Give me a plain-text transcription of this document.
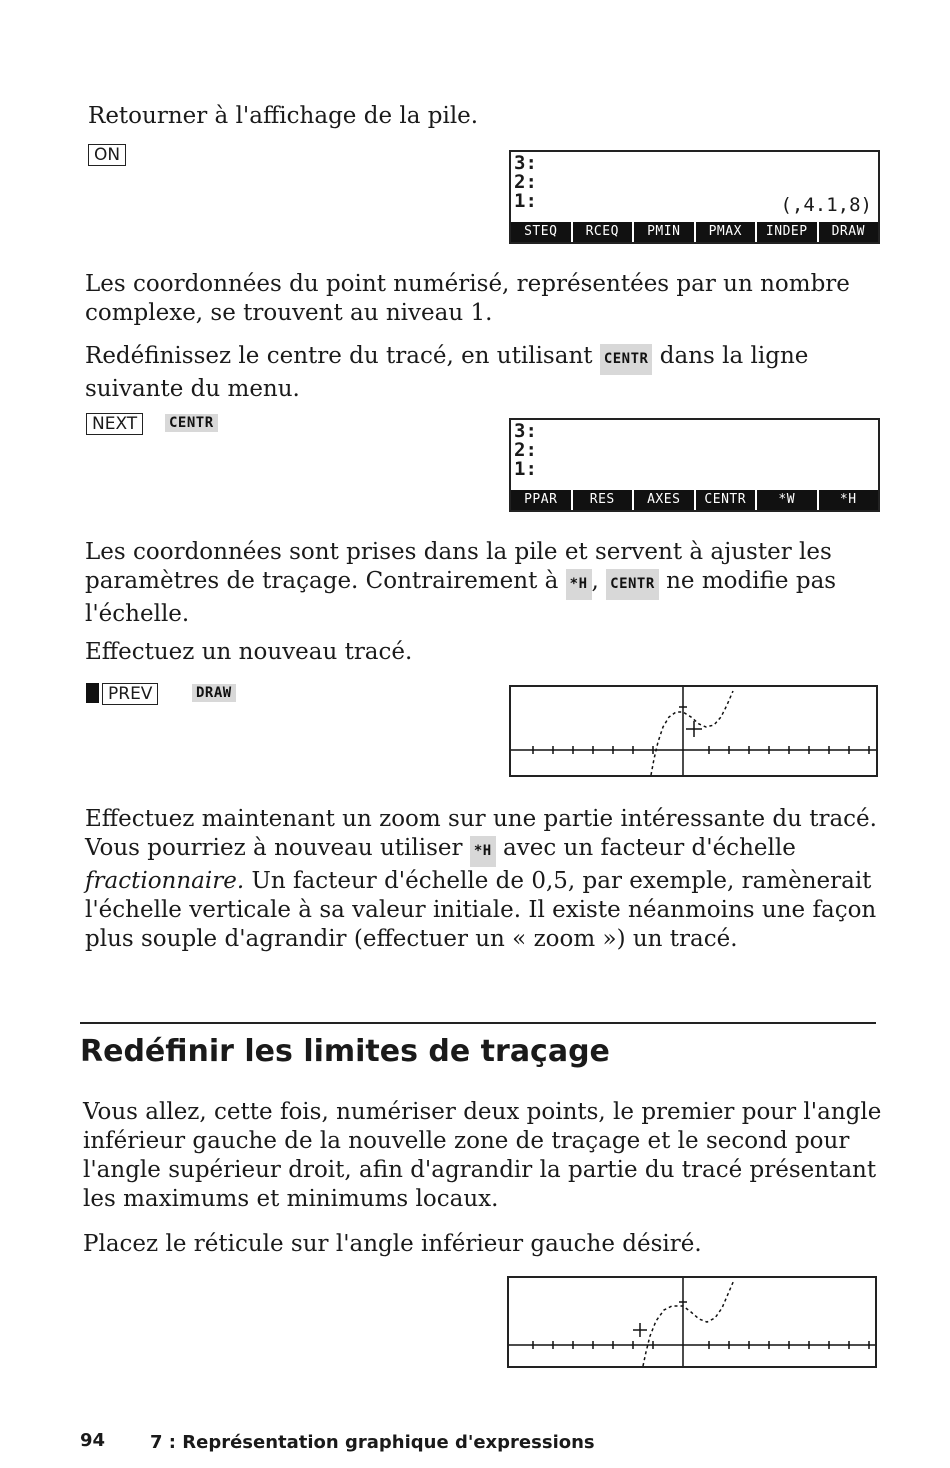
Retourner à l'affichage de la pile.
ON	3:
2:
1:	(,4.1,8)
STEQ	RCEQ	PMIN	PMAX	INDEP	DRAW
Les coordonnées du point numérisé, représentées par un nombre complexe, se trouvent au niveau 1.
Redéfinissez le centre du tracé, en utilisant CENTR dans la ligne suivante du menu.
NEXT	CENTR	3:
2:
1:
PPAR	RES	AXES	CENTR	*W	*H
Les coordonnées sont prises dans la pile et servent à ajuster les paramètres de traçage. Contrairement à *H , CENTR ne modifie pas l'échelle.
Effectuez un nouveau tracé.
PREV	DRAW
Effectuez maintenant un zoom sur une partie intéressante du tracé.
Vous pourriez à nouveau utiliser *H avec un facteur d'échelle
fractionnaire. Un facteur d'échelle de 0,5, par exemple, ramènerait
l'échelle verticale à sa valeur initiale. Il existe néanmoins une façon
plus souple d'agrandir (effectuer un « zoom ») un tracé.
Redéfinir les limites de traçage
Vous allez, cette fois, numériser deux points, le premier pour l'angle
inférieur gauche de la nouvelle zone de traçage et le second pour
l'angle supérieur droit, afin d'agrandir la partie du tracé présentant
les maximums et minimums locaux.
Placez le réticule sur l'angle inférieur gauche désiré.
94 7 : Représentation graphique d'expressions
